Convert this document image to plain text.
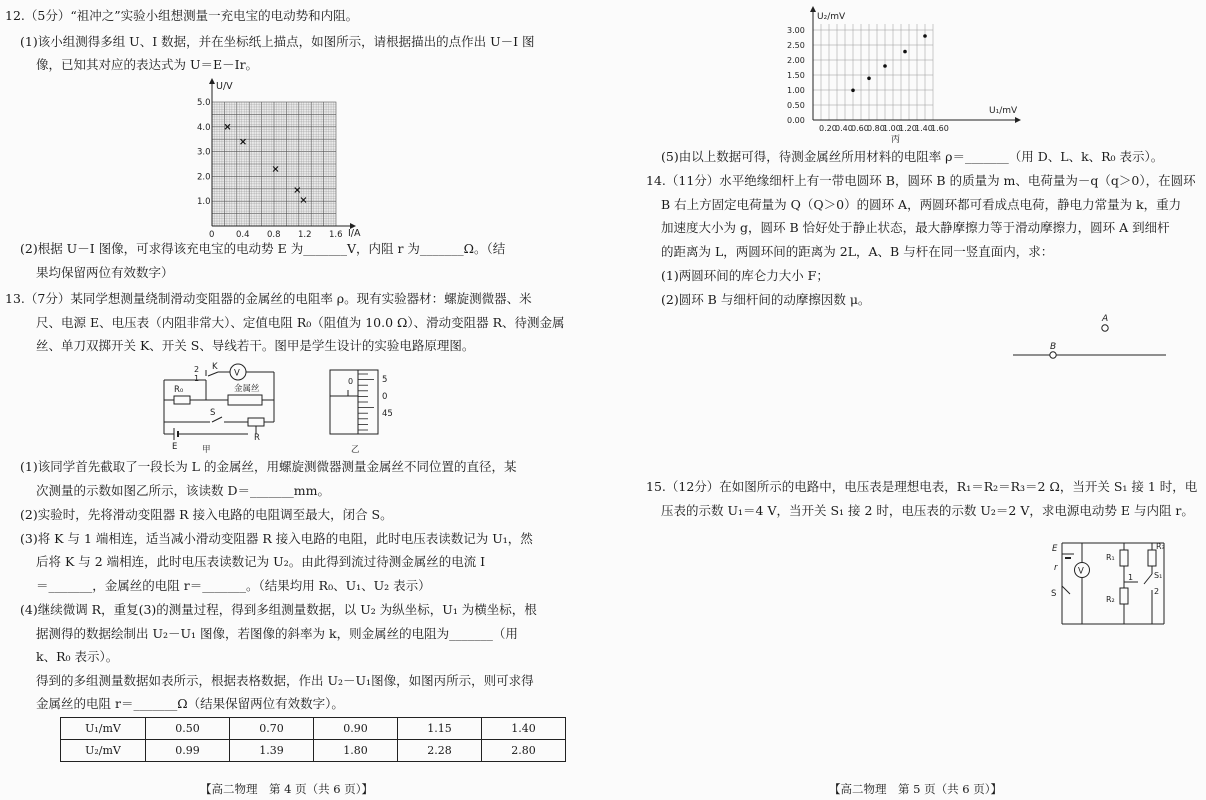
12.（5分）“祖冲之”实验小组想测量一充电宝的电动势和内阻。
(1)该小组测得多组 U、I 数据，并在坐标纸上描点，如图所示，请根据描出的点作出 U－I 图
像，已知其对应的表达式为 U＝E－Ir。
U/V
I/A
0	0.4 0.8 1.2 1.6
1.0
2.0
3.0
4.0
5.0
(2)根据 U－I 图像，可求得该充电宝的电动势 E 为_______V，内阻 r 为_______Ω。（结
果均保留两位有效数字）
13.（7分）某同学想测量绕制滑动变阻器的金属丝的电阻率 ρ。现有实验器材：螺旋测微器、米
尺、电源 E、电压表（内阻非常大）、定值电阻 R₀（阻值为 10.0 Ω）、滑动变阻器 R、待测金属
丝、单刀双掷开关 K、开关 S、导线若干。图甲是学生设计的实验电路原理图。
2
1
K
V
金属丝
R₀
S
R
E	甲
0	5
0
45
乙
(1)该同学首先截取了一段长为 L 的金属丝，用螺旋测微器测量金属丝不同位置的直径，某
次测量的示数如图乙所示，该读数 D＝_______mm。
(2)实验时，先将滑动变阻器 R 接入电路的电阻调至最大，闭合 S。
(3)将 K 与 1 端相连，适当减小滑动变阻器 R 接入电路的电阻，此时电压表读数记为 U₁，然
后将 K 与 2 端相连，此时电压表读数记为 U₂。由此得到流过待测金属丝的电流 I
＝_______，金属丝的电阻 r＝_______。（结果均用 R₀、U₁、U₂ 表示）
(4)继续微调 R，重复(3)的测量过程，得到多组测量数据，以 U₂ 为纵坐标，U₁ 为横坐标，根
据测得的数据绘制出 U₂－U₁ 图像，若图像的斜率为 k，则金属丝的电阻为_______（用
k、R₀ 表示）。
得到的多组测量数据如表所示，根据表格数据，作出 U₂－U₁图像，如图丙所示，则可求得
金属丝的电阻 r＝_______Ω（结果保留两位有效数字）。
U₁/mV	0.50	0.70	0.90	1.15	1.40
U₂/mV	0.99	1.39	1.80	2.28	2.80
【高二物理　第 4 页（共 6 页）】
U₂/mV
U₁/mV
0.20
0.40
0.60
0.80
1.00
1.20
1.40
1.60
0.00
0.50
1.00
1.50
2.00
2.50
3.00
丙
(5)由以上数据可得，待测金属丝所用材料的电阻率 ρ＝_______（用 D、L、k、R₀ 表示）。
14.（11分）水平绝缘细杆上有一带电圆环 B，圆环 B 的质量为 m、电荷量为－q（q＞0），在圆环
B 右上方固定电荷量为 Q（Q＞0）的圆环 A，两圆环都可看成点电荷，静电力常量为 k，重力
加速度大小为 g，圆环 B 恰好处于静止状态，最大静摩擦力等于滑动摩擦力，圆环 A 到细杆
的距离为 L，两圆环间的距离为 2L，A、B 与杆在同一竖直面内，求：
(1)两圆环间的库仑力大小 F；
(2)圆环 B 与细杆间的动摩擦因数 μ。
A
B
15.（12分）在如图所示的电路中，电压表是理想电表，R₁＝R₂＝R₃＝2 Ω，当开关 S₁ 接 1 时，电
压表的示数 U₁＝4 V，当开关 S₁ 接 2 时，电压表的示数 U₂＝2 V，求电源电动势 E 与内阻 r。
E
r V
R₁
R₂
R₃
S₁
1
2
S
【高二物理　第 5 页（共 6 页）】
